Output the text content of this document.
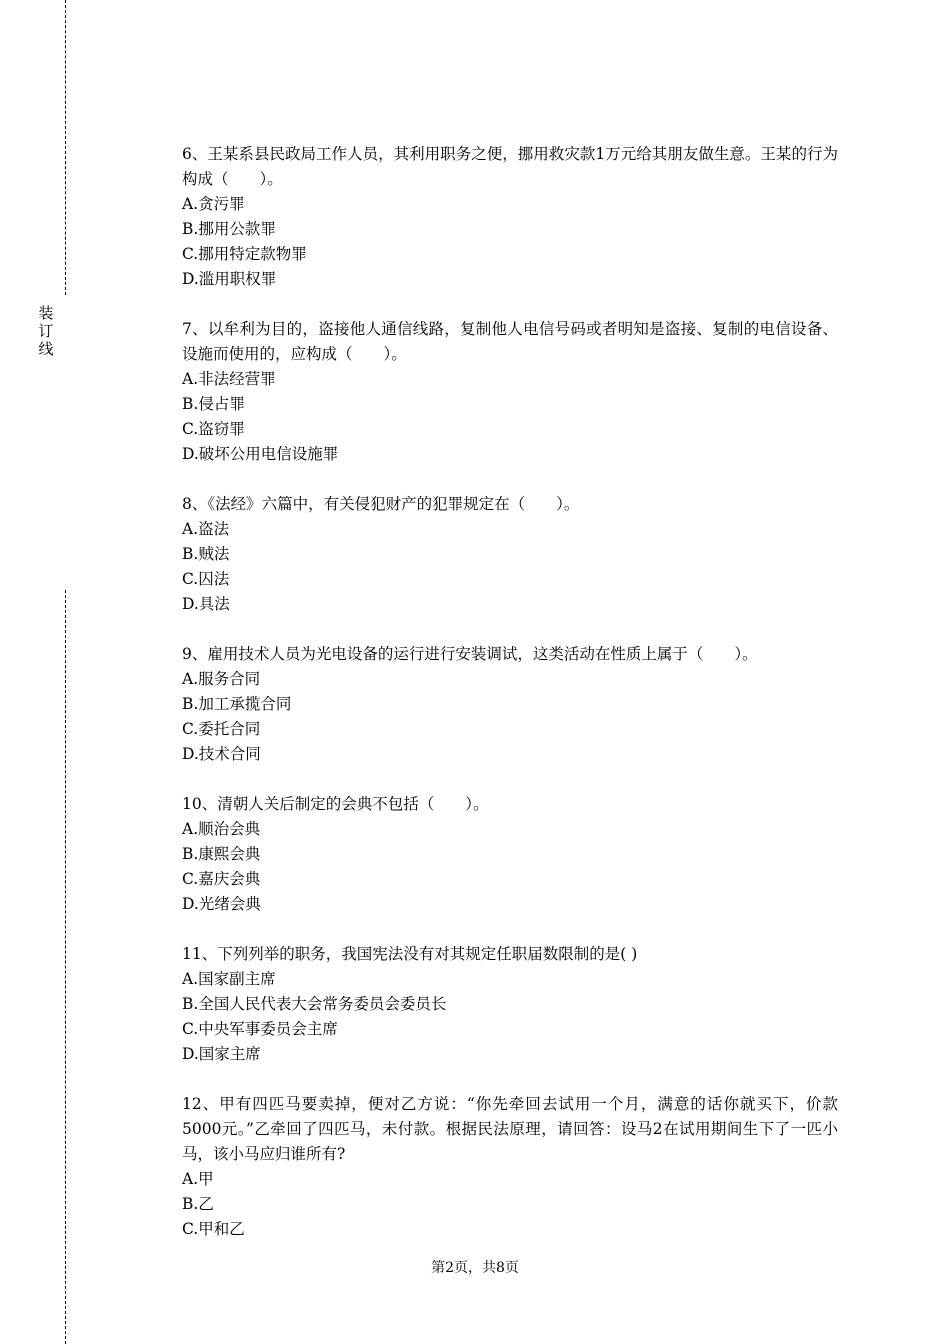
装
订
线
6、王某系县民政局工作人员，其利用职务之便，挪用救灾款1万元给其朋友做生意。王某的行为构成（　　）。
A.贪污罪
B.挪用公款罪
C.挪用特定款物罪
D.滥用职权罪
7、以牟利为目的，盗接他人通信线路，复制他人电信号码或者明知是盗接、复制的电信设备、设施而使用的，应构成（　　）。
A.非法经营罪
B.侵占罪
C.盗窃罪
D.破坏公用电信设施罪
8、《法经》六篇中，有关侵犯财产的犯罪规定在（　　）。
A.盗法
B.贼法
C.囚法
D.具法
9、雇用技术人员为光电设备的运行进行安装调试，这类活动在性质上属于（　　）。
A.服务合同
B.加工承揽合同
C.委托合同
D.技术合同
10、清朝人关后制定的会典不包括（　　）。
A.顺治会典
B.康熙会典
C.嘉庆会典
D.光绪会典
11、下列列举的职务，我国宪法没有对其规定任职届数限制的是( )
A.国家副主席
B.全国人民代表大会常务委员会委员长
C.中央军事委员会主席
D.国家主席
12、甲有四匹马要卖掉，便对乙方说：“你先牵回去试用一个月，满意的话你就买下，价款5000元。”乙牵回了四匹马，未付款。根据民法原理，请回答：设马2在试用期间生下了一匹小马，该小马应归谁所有?
A.甲
B.乙
C.甲和乙
第2页，共8页
